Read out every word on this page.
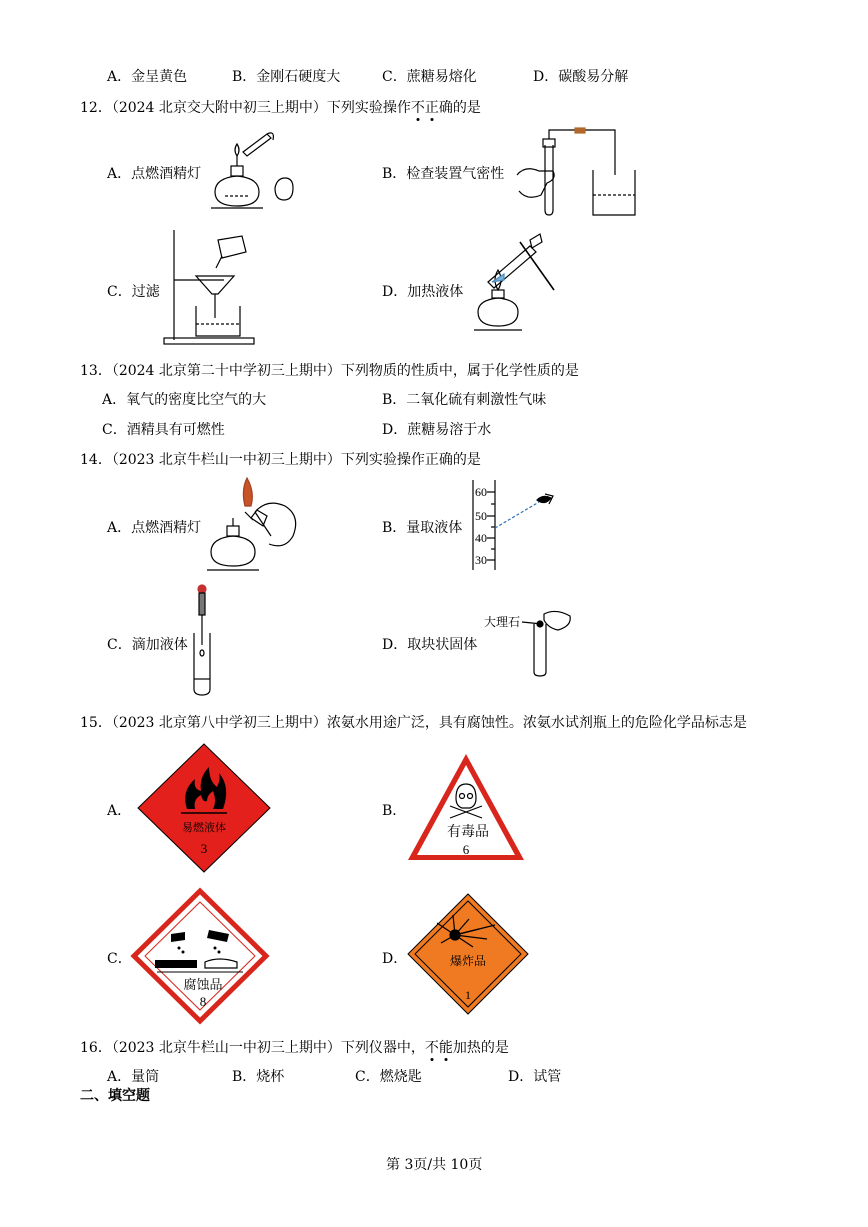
A．金呈黄色	B．金刚石硬度大	C．蔗糖易熔化	D．碳酸易分解
12．（2024 北京交大附中初三上期中）下列实验操作不正确的是
A．点燃酒精灯	B．检查装置气密性
C．过滤	D．加热液体
13．（2024 北京第二十中学初三上期中）下列物质的性质中，属于化学性质的是
A．氧气的密度比空气的大	B．二氧化硫有刺激性气味
C．酒精具有可燃性	D．蔗糖易溶于水
14．（2023 北京牛栏山一中初三上期中）下列实验操作正确的是
A．点燃酒精灯	B．量取液体
60
50
40
30
C．滴加液体	D．取块状固体
大理石
15．（2023 北京第八中学初三上期中）浓氨水用途广泛，具有腐蚀性。浓氨水试剂瓶上的危险化学品标志是
A．
易燃液体
3
B．
有毒品
6
C．
腐蚀品
8
D．	爆炸品
1
16．（2023 北京牛栏山一中初三上期中）下列仪器中，不能加热的是
A．量筒	B．烧杯	C．燃烧匙	D．试管
二、填空题
第 3页/共 10页
